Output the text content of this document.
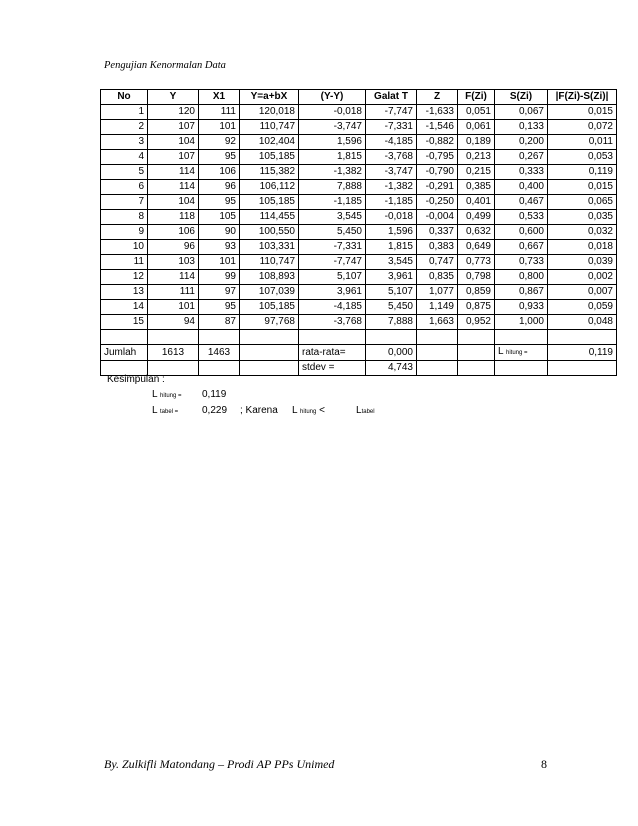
Pengujian Kenormalan Data
No	Y	X1	Y=a+bX	(Y-Y)	Galat T	Z	F(Zi)	S(Zi)	|F(Zi)-S(Zi)|
1	120	111	120,018	-0,018	-7,747	-1,633	0,051	0,067	0,015
2	107	101	110,747	-3,747	-7,331	-1,546	0,061	0,133	0,072
3	104	92	102,404	1,596	-4,185	-0,882	0,189	0,200	0,011
4	107	95	105,185	1,815	-3,768	-0,795	0,213	0,267	0,053
5	114	106	115,382	-1,382	-3,747	-0,790	0,215	0,333	0,119
6	114	96	106,112	7,888	-1,382	-0,291	0,385	0,400	0,015
7	104	95	105,185	-1,185	-1,185	-0,250	0,401	0,467	0,065
8	118	105	114,455	3,545	-0,018	-0,004	0,499	0,533	0,035
9	106	90	100,550	5,450	1,596	0,337	0,632	0,600	0,032
10	96	93	103,331	-7,331	1,815	0,383	0,649	0,667	0,018
11	103	101	110,747	-7,747	3,545	0,747	0,773	0,733	0,039
12	114	99	108,893	5,107	3,961	0,835	0,798	0,800	0,002
13	111	97	107,039	3,961	5,107	1,077	0,859	0,867	0,007
14	101	95	105,185	-4,185	5,450	1,149	0,875	0,933	0,059
15	94	87	97,768	-3,768	7,888	1,663	0,952	1,000	0,048

Jumlah	1613	1463		rata-rata=	0,000			L hitung =	0,119
				stdev =	4,743				
Kesimpulan :
L hitung = 0,119
L tabel = 0,229 ; Karena L hitung <	Ltabel
By. Zulkifli Matondang – Prodi AP PPs Unimed	8
